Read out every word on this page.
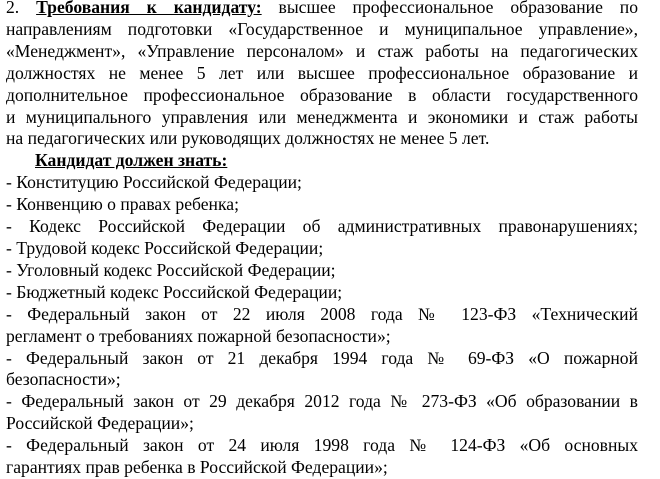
2. Требования к кандидату: высшее профессиональное образование по
направлениям подготовки «Государственное и муниципальное управление»,
«Менеджмент», «Управление персоналом» и стаж работы на педагогических
должностях не менее 5 лет или высшее профессиональное образование и
дополнительное профессиональное образование в области государственного
и муниципального управления или менеджмента и экономики и стаж работы
на педагогических или руководящих должностях не менее 5 лет.
Кандидат должен знать:
- Конституцию Российской Федерации;
- Конвенцию о правах ребенка;
- Кодекс Российской Федерации об административных правонарушениях;
- Трудовой кодекс Российской Федерации;
- Уголовный кодекс Российской Федерации;
- Бюджетный кодекс Российской Федерации;
- Федеральный закон от 22 июля 2008 года № 123-ФЗ «Технический
регламент о требованиях пожарной безопасности»;
- Федеральный закон от 21 декабря 1994 года № 69-ФЗ «О пожарной
безопасности»;
- Федеральный закон от 29 декабря 2012 года № 273-ФЗ «Об образовании в
Российской Федерации»;
- Федеральный закон от 24 июля 1998 года № 124-ФЗ «Об основных
гарантиях прав ребенка в Российской Федерации»;
